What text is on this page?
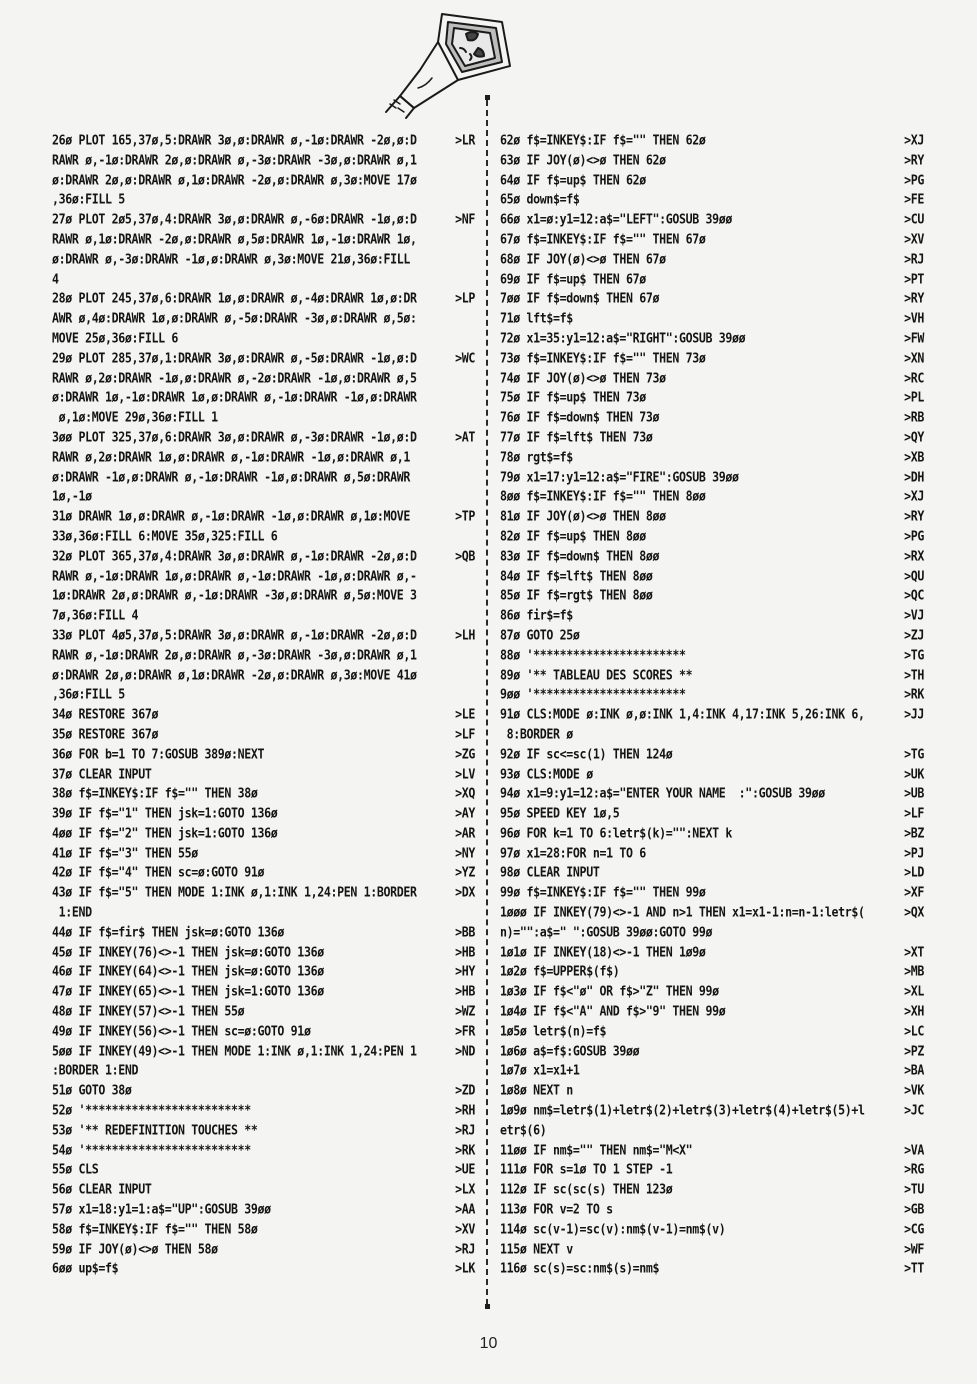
26ø PLOT 165,37ø,5:DRAWR 3ø,ø:DRAWR ø,-1ø:DRAWR -2ø,ø:D	>LR
RAWR ø,-1ø:DRAWR 2ø,ø:DRAWR ø,-3ø:DRAWR -3ø,ø:DRAWR ø,1
ø:DRAWR 2ø,ø:DRAWR ø,1ø:DRAWR -2ø,ø:DRAWR ø,3ø:MOVE 17ø
,36ø:FILL 5
27ø PLOT 2ø5,37ø,4:DRAWR 3ø,ø:DRAWR ø,-6ø:DRAWR -1ø,ø:D	>NF
RAWR ø,1ø:DRAWR -2ø,ø:DRAWR ø,5ø:DRAWR 1ø,-1ø:DRAWR 1ø,
ø:DRAWR ø,-3ø:DRAWR -1ø,ø:DRAWR ø,3ø:MOVE 21ø,36ø:FILL
4
28ø PLOT 245,37ø,6:DRAWR 1ø,ø:DRAWR ø,-4ø:DRAWR 1ø,ø:DR	>LP
AWR ø,4ø:DRAWR 1ø,ø:DRAWR ø,-5ø:DRAWR -3ø,ø:DRAWR ø,5ø:
MOVE 25ø,36ø:FILL 6
29ø PLOT 285,37ø,1:DRAWR 3ø,ø:DRAWR ø,-5ø:DRAWR -1ø,ø:D	>WC
RAWR ø,2ø:DRAWR -1ø,ø:DRAWR ø,-2ø:DRAWR -1ø,ø:DRAWR ø,5
ø:DRAWR 1ø,-1ø:DRAWR 1ø,ø:DRAWR ø,-1ø:DRAWR -1ø,ø:DRAWR
ø,1ø:MOVE 29ø,36ø:FILL 1
3øø PLOT 325,37ø,6:DRAWR 3ø,ø:DRAWR ø,-3ø:DRAWR -1ø,ø:D	>AT
RAWR ø,2ø:DRAWR 1ø,ø:DRAWR ø,-1ø:DRAWR -1ø,ø:DRAWR ø,1
ø:DRAWR -1ø,ø:DRAWR ø,-1ø:DRAWR -1ø,ø:DRAWR ø,5ø:DRAWR
1ø,-1ø
31ø DRAWR 1ø,ø:DRAWR ø,-1ø:DRAWR -1ø,ø:DRAWR ø,1ø:MOVE	>TP
33ø,36ø:FILL 6:MOVE 35ø,325:FILL 6
32ø PLOT 365,37ø,4:DRAWR 3ø,ø:DRAWR ø,-1ø:DRAWR -2ø,ø:D	>QB
RAWR ø,-1ø:DRAWR 1ø,ø:DRAWR ø,-1ø:DRAWR -1ø,ø:DRAWR ø,-
1ø:DRAWR 2ø,ø:DRAWR ø,-1ø:DRAWR -3ø,ø:DRAWR ø,5ø:MOVE 3
7ø,36ø:FILL 4
33ø PLOT 4ø5,37ø,5:DRAWR 3ø,ø:DRAWR ø,-1ø:DRAWR -2ø,ø:D	>LH
RAWR ø,-1ø:DRAWR 2ø,ø:DRAWR ø,-3ø:DRAWR -3ø,ø:DRAWR ø,1
ø:DRAWR 2ø,ø:DRAWR ø,1ø:DRAWR -2ø,ø:DRAWR ø,3ø:MOVE 41ø
,36ø:FILL 5
34ø RESTORE 367ø	>LE
35ø RESTORE 367ø	>LF
36ø FOR b=1 TO 7:GOSUB 389ø:NEXT	>ZG
37ø CLEAR INPUT	>LV
38ø f$=INKEY$:IF f$="" THEN 38ø	>XQ
39ø IF f$="1" THEN jsk=1:GOTO 136ø	>AY
4øø IF f$="2" THEN jsk=1:GOTO 136ø	>AR
41ø IF f$="3" THEN 55ø	>NY
42ø IF f$="4" THEN sc=ø:GOTO 91ø	>YZ
43ø IF f$="5" THEN MODE 1:INK ø,1:INK 1,24:PEN 1:BORDER	>DX
1:END
44ø IF f$=fir$ THEN jsk=ø:GOTO 136ø	>BB
45ø IF INKEY(76)<>-1 THEN jsk=ø:GOTO 136ø	>HB
46ø IF INKEY(64)<>-1 THEN jsk=ø:GOTO 136ø	>HY
47ø IF INKEY(65)<>-1 THEN jsk=1:GOTO 136ø	>HB
48ø IF INKEY(57)<>-1 THEN 55ø	>WZ
49ø IF INKEY(56)<>-1 THEN sc=ø:GOTO 91ø	>FR
5øø IF INKEY(49)<>-1 THEN MODE 1:INK ø,1:INK 1,24:PEN 1	>ND
:BORDER 1:END
51ø GOTO 38ø	>ZD
52ø '*************************	>RH
53ø '** REDEFINITION TOUCHES **	>RJ
54ø '*************************	>RK
55ø CLS	>UE
56ø CLEAR INPUT	>LX
57ø x1=18:y1=1:a$="UP":GOSUB 39øø	>AA
58ø f$=INKEY$:IF f$="" THEN 58ø	>XV
59ø IF JOY(ø)<>ø THEN 58ø	>RJ
6øø up$=f$	>LK
62ø f$=INKEY$:IF f$="" THEN 62ø	>XJ
63ø IF JOY(ø)<>ø THEN 62ø	>RY
64ø IF f$=up$ THEN 62ø	>PG
65ø down$=f$	>FE
66ø x1=ø:y1=12:a$="LEFT":GOSUB 39øø	>CU
67ø f$=INKEY$:IF f$="" THEN 67ø	>XV
68ø IF JOY(ø)<>ø THEN 67ø	>RJ
69ø IF f$=up$ THEN 67ø	>PT
7øø IF f$=down$ THEN 67ø	>RY
71ø lft$=f$	>VH
72ø x1=35:y1=12:a$="RIGHT":GOSUB 39øø	>FW
73ø f$=INKEY$:IF f$="" THEN 73ø	>XN
74ø IF JOY(ø)<>ø THEN 73ø	>RC
75ø IF f$=up$ THEN 73ø	>PL
76ø IF f$=down$ THEN 73ø	>RB
77ø IF f$=lft$ THEN 73ø	>QY
78ø rgt$=f$	>XB
79ø x1=17:y1=12:a$="FIRE":GOSUB 39øø	>DH
8øø f$=INKEY$:IF f$="" THEN 8øø	>XJ
81ø IF JOY(ø)<>ø THEN 8øø	>RY
82ø IF f$=up$ THEN 8øø	>PG
83ø IF f$=down$ THEN 8øø	>RX
84ø IF f$=lft$ THEN 8øø	>QU
85ø IF f$=rgt$ THEN 8øø	>QC
86ø fir$=f$	>VJ
87ø GOTO 25ø	>ZJ
88ø '***********************	>TG
89ø '** TABLEAU DES SCORES **	>TH
9øø '***********************	>RK
91ø CLS:MODE ø:INK ø,ø:INK 1,4:INK 4,17:INK 5,26:INK 6,	>JJ
8:BORDER ø
92ø IF sc<=sc(1) THEN 124ø	>TG
93ø CLS:MODE ø	>UK
94ø x1=9:y1=12:a$="ENTER YOUR NAME  :":GOSUB 39øø	>UB
95ø SPEED KEY 1ø,5	>LF
96ø FOR k=1 TO 6:letr$(k)="":NEXT k	>BZ
97ø x1=28:FOR n=1 TO 6	>PJ
98ø CLEAR INPUT	>LD
99ø f$=INKEY$:IF f$="" THEN 99ø	>XF
1øøø IF INKEY(79)<>-1 AND n>1 THEN x1=x1-1:n=n-1:letr$(	>QX
n)="":a$=" ":GOSUB 39øø:GOTO 99ø
1ø1ø IF INKEY(18)<>-1 THEN 1ø9ø	>XT
1ø2ø f$=UPPER$(f$)	>MB
1ø3ø IF f$<"ø" OR f$>"Z" THEN 99ø	>XL
1ø4ø IF f$<"A" AND f$>"9" THEN 99ø	>XH
1ø5ø letr$(n)=f$	>LC
1ø6ø a$=f$:GOSUB 39øø	>PZ
1ø7ø x1=x1+1	>BA
1ø8ø NEXT n	>VK
1ø9ø nm$=letr$(1)+letr$(2)+letr$(3)+letr$(4)+letr$(5)+l	>JC
etr$(6)
11øø IF nm$="" THEN nm$="M<X"	>VA
111ø FOR s=1ø TO 1 STEP -1	>RG
112ø IF sc(sc(s) THEN 123ø	>TU
113ø FOR v=2 TO s	>GB
114ø sc(v-1)=sc(v):nm$(v-1)=nm$(v)	>CG
115ø NEXT v	>WF
116ø sc(s)=sc:nm$(s)=nm$	>TT
10
